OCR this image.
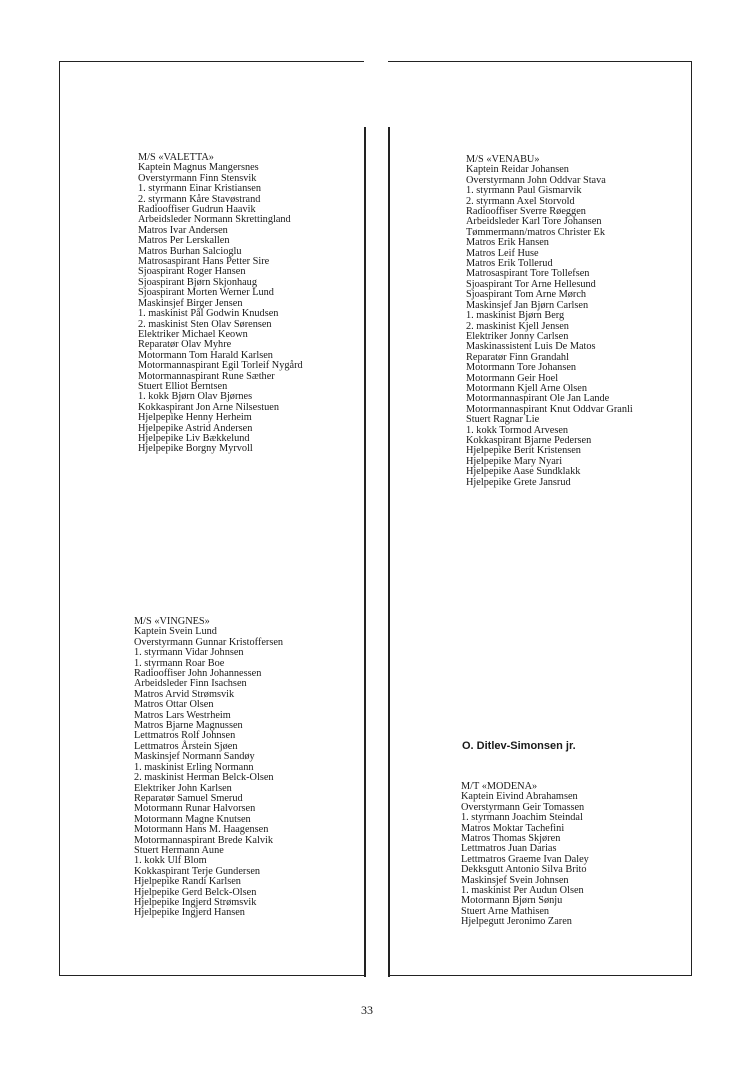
M/S «VALETTA»
Kaptein Magnus Mangersnes
Overstyrmann Finn Stensvik
1. styrmann Einar Kristiansen
2. styrmann Kåre Stavøstrand
Radiooffiser Gudrun Haavik
Arbeidsleder Normann Skrettingland
Matros Ivar Andersen
Matros Per Lerskallen
Matros Burhan Salcioglu
Matrosaspirant Hans Petter Sire
Sjoaspirant Roger Hansen
Sjoaspirant Bjørn Skjonhaug
Sjoaspirant Morten Werner Lund
Maskinsjef Birger Jensen
1. maskinist Pål Godwin Knudsen
2. maskinist Sten Olav Sørensen
Elektriker Michael Keown
Reparatør Olav Myhre
Motormann Tom Harald Karlsen
Motormannaspirant Egil Torleif Nygård
Motormannaspirant Rune Sæther
Stuert Elliot Berntsen
1. kokk Bjørn Olav Bjørnes
Kokkaspirant Jon Arne Nilsestuen
Hjelpepike Henny Herheim
Hjelpepike Astrid Andersen
Hjelpepike Liv Bækkelund
Hjelpepike Borgny Myrvoll
M/S «VENABU»
Kaptein Reidar Johansen
Overstyrmann John Oddvar Stava
1. styrmann Paul Gismarvik
2. styrmann Axel Storvold
Radiooffiser Sverre Røeggen
Arbeidsleder Karl Tore Johansen
Tømmermann/matros Christer Ek
Matros Erik Hansen
Matros Leif Huse
Matros Erik Tollerud
Matrosaspirant Tore Tollefsen
Sjoaspirant Tor Arne Hellesund
Sjoaspirant Tom Arne Mørch
Maskinsjef Jan Bjørn Carlsen
1. maskinist Bjørn Berg
2. maskinist Kjell Jensen
Elektriker Jonny Carlsen
Maskinassistent Luis De Matos
Reparatør Finn Grandahl
Motormann Tore Johansen
Motormann Geir Hoel
Motormann Kjell Arne Olsen
Motormannaspirant Ole Jan Lande
Motormannaspirant Knut Oddvar Granli
Stuert Ragnar Lie
1. kokk Tormod Arvesen
Kokkaspirant Bjarne Pedersen
Hjelpepike Berit Kristensen
Hjelpepike Mary Nyari
Hjelpepike Aase Sundklakk
Hjelpepike Grete Jansrud
M/S «VINGNES»
Kaptein Svein Lund
Overstyrmann Gunnar Kristoffersen
1. styrmann Vidar Johnsen
1. styrmann Roar Boe
Radiooffiser John Johannessen
Arbeidsleder Finn Isachsen
Matros Arvid Strømsvik
Matros Ottar Olsen
Matros Lars Westrheim
Matros Bjarne Magnussen
Lettmatros Rolf Johnsen
Lettmatros Årstein Sjøen
Maskinsjef Normann Sandøy
1. maskinist Erling Normann
2. maskinist Herman Belck-Olsen
Elektriker John Karlsen
Reparatør Samuel Smerud
Motormann Runar Halvorsen
Motormann Magne Knutsen
Motormann Hans M. Haagensen
Motormannaspirant Brede Kalvik
Stuert Hermann Aune
1. kokk Ulf Blom
Kokkaspirant Terje Gundersen
Hjelpepike Randi Karlsen
Hjelpepike Gerd Belck-Olsen
Hjelpepike Ingjerd Strømsvik
Hjelpepike Ingjerd Hansen
O. Ditlev-Simonsen jr.
M/T «MODENA»
Kaptein Eivind Abrahamsen
Overstyrmann Geir Tomassen
1. styrmann Joachim Steindal
Matros Moktar Tachefini
Matros Thomas Skjøren
Lettmatros Juan Darias
Lettmatros Graeme Ivan Daley
Dekksgutt Antonio Silva Brito
Maskinsjef Svein Johnsen
1. maskinist Per Audun Olsen
Motormann Bjørn Sønju
Stuert Arne Mathisen
Hjelpegutt Jeronimo Zaren
33
